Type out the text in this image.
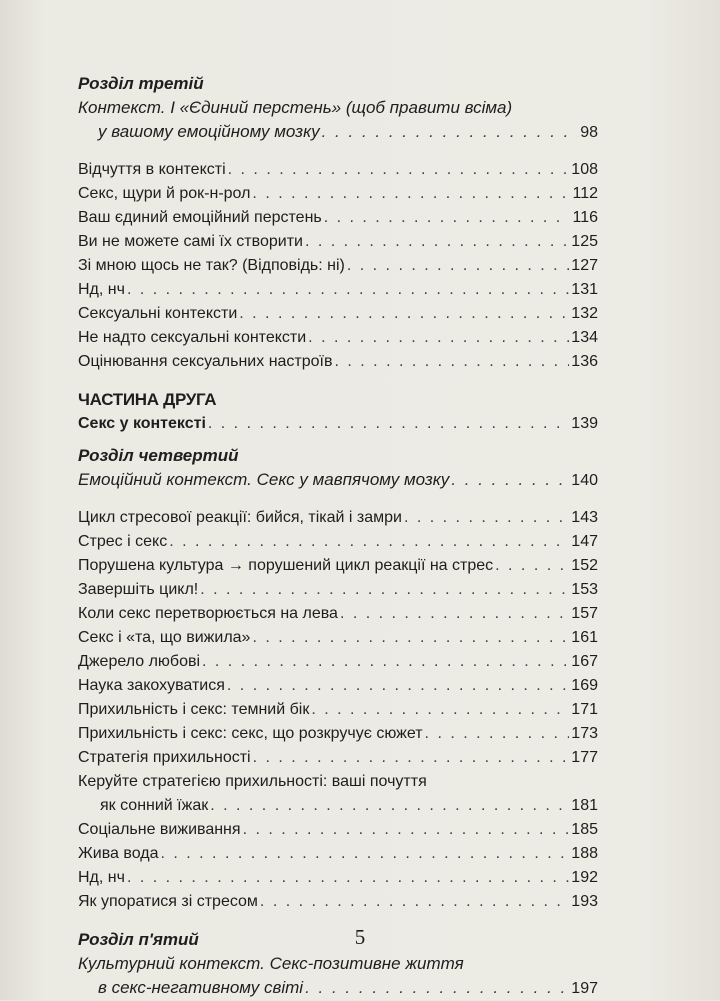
Розділ третій
Контекст. І «Єдиний перстень» (щоб правити всіма)
у вашому емоційному мозку . . .	98
Відчуття в контексті . . .	108
Секс, щури й рок-н-рол . . .	112
Ваш єдиний емоційний перстень . . .	116
Ви не можете самі їх створити . . .	125
Зі мною щось не так? (Відповідь: ні) . . .	127
Нд, нч . . .	131
Сексуальні контексти . . .	132
Не надто сексуальні контексти . . .	134
Оцінювання сексуальних настроїв . . .	136
ЧАСТИНА ДРУГА
Секс у контексті . . .	139
Розділ четвертий
Емоційний контекст. Секс у мавпячому мозку . . .	140
Цикл стресової реакції: бийся, тікай і замри . . .	143
Стрес і секс . . .	147
Порушена культура → порушений цикл реакції на стрес . . .	152
Завершіть цикл! . . .	153
Коли секс перетворюється на лева . . .	157
Секс і «та, що вижила» . . .	161
Джерело любові . . .	167
Наука закохуватися . . .	169
Прихильність і секс: темний бік . . .	171
Прихильність і секс: секс, що розкручує сюжет . . .	173
Стратегія прихильності . . .	177
Керуйте стратегією прихильності: ваші почуття
як сонний їжак . . .	181
Соціальне виживання . . .	185
Жива вода . . .	188
Нд, нч . . .	192
Як упоратися зі стресом . . .	193
Розділ п'ятий
Культурний контекст. Секс-позитивне життя
в секс-негативному світі . . .	197
5
